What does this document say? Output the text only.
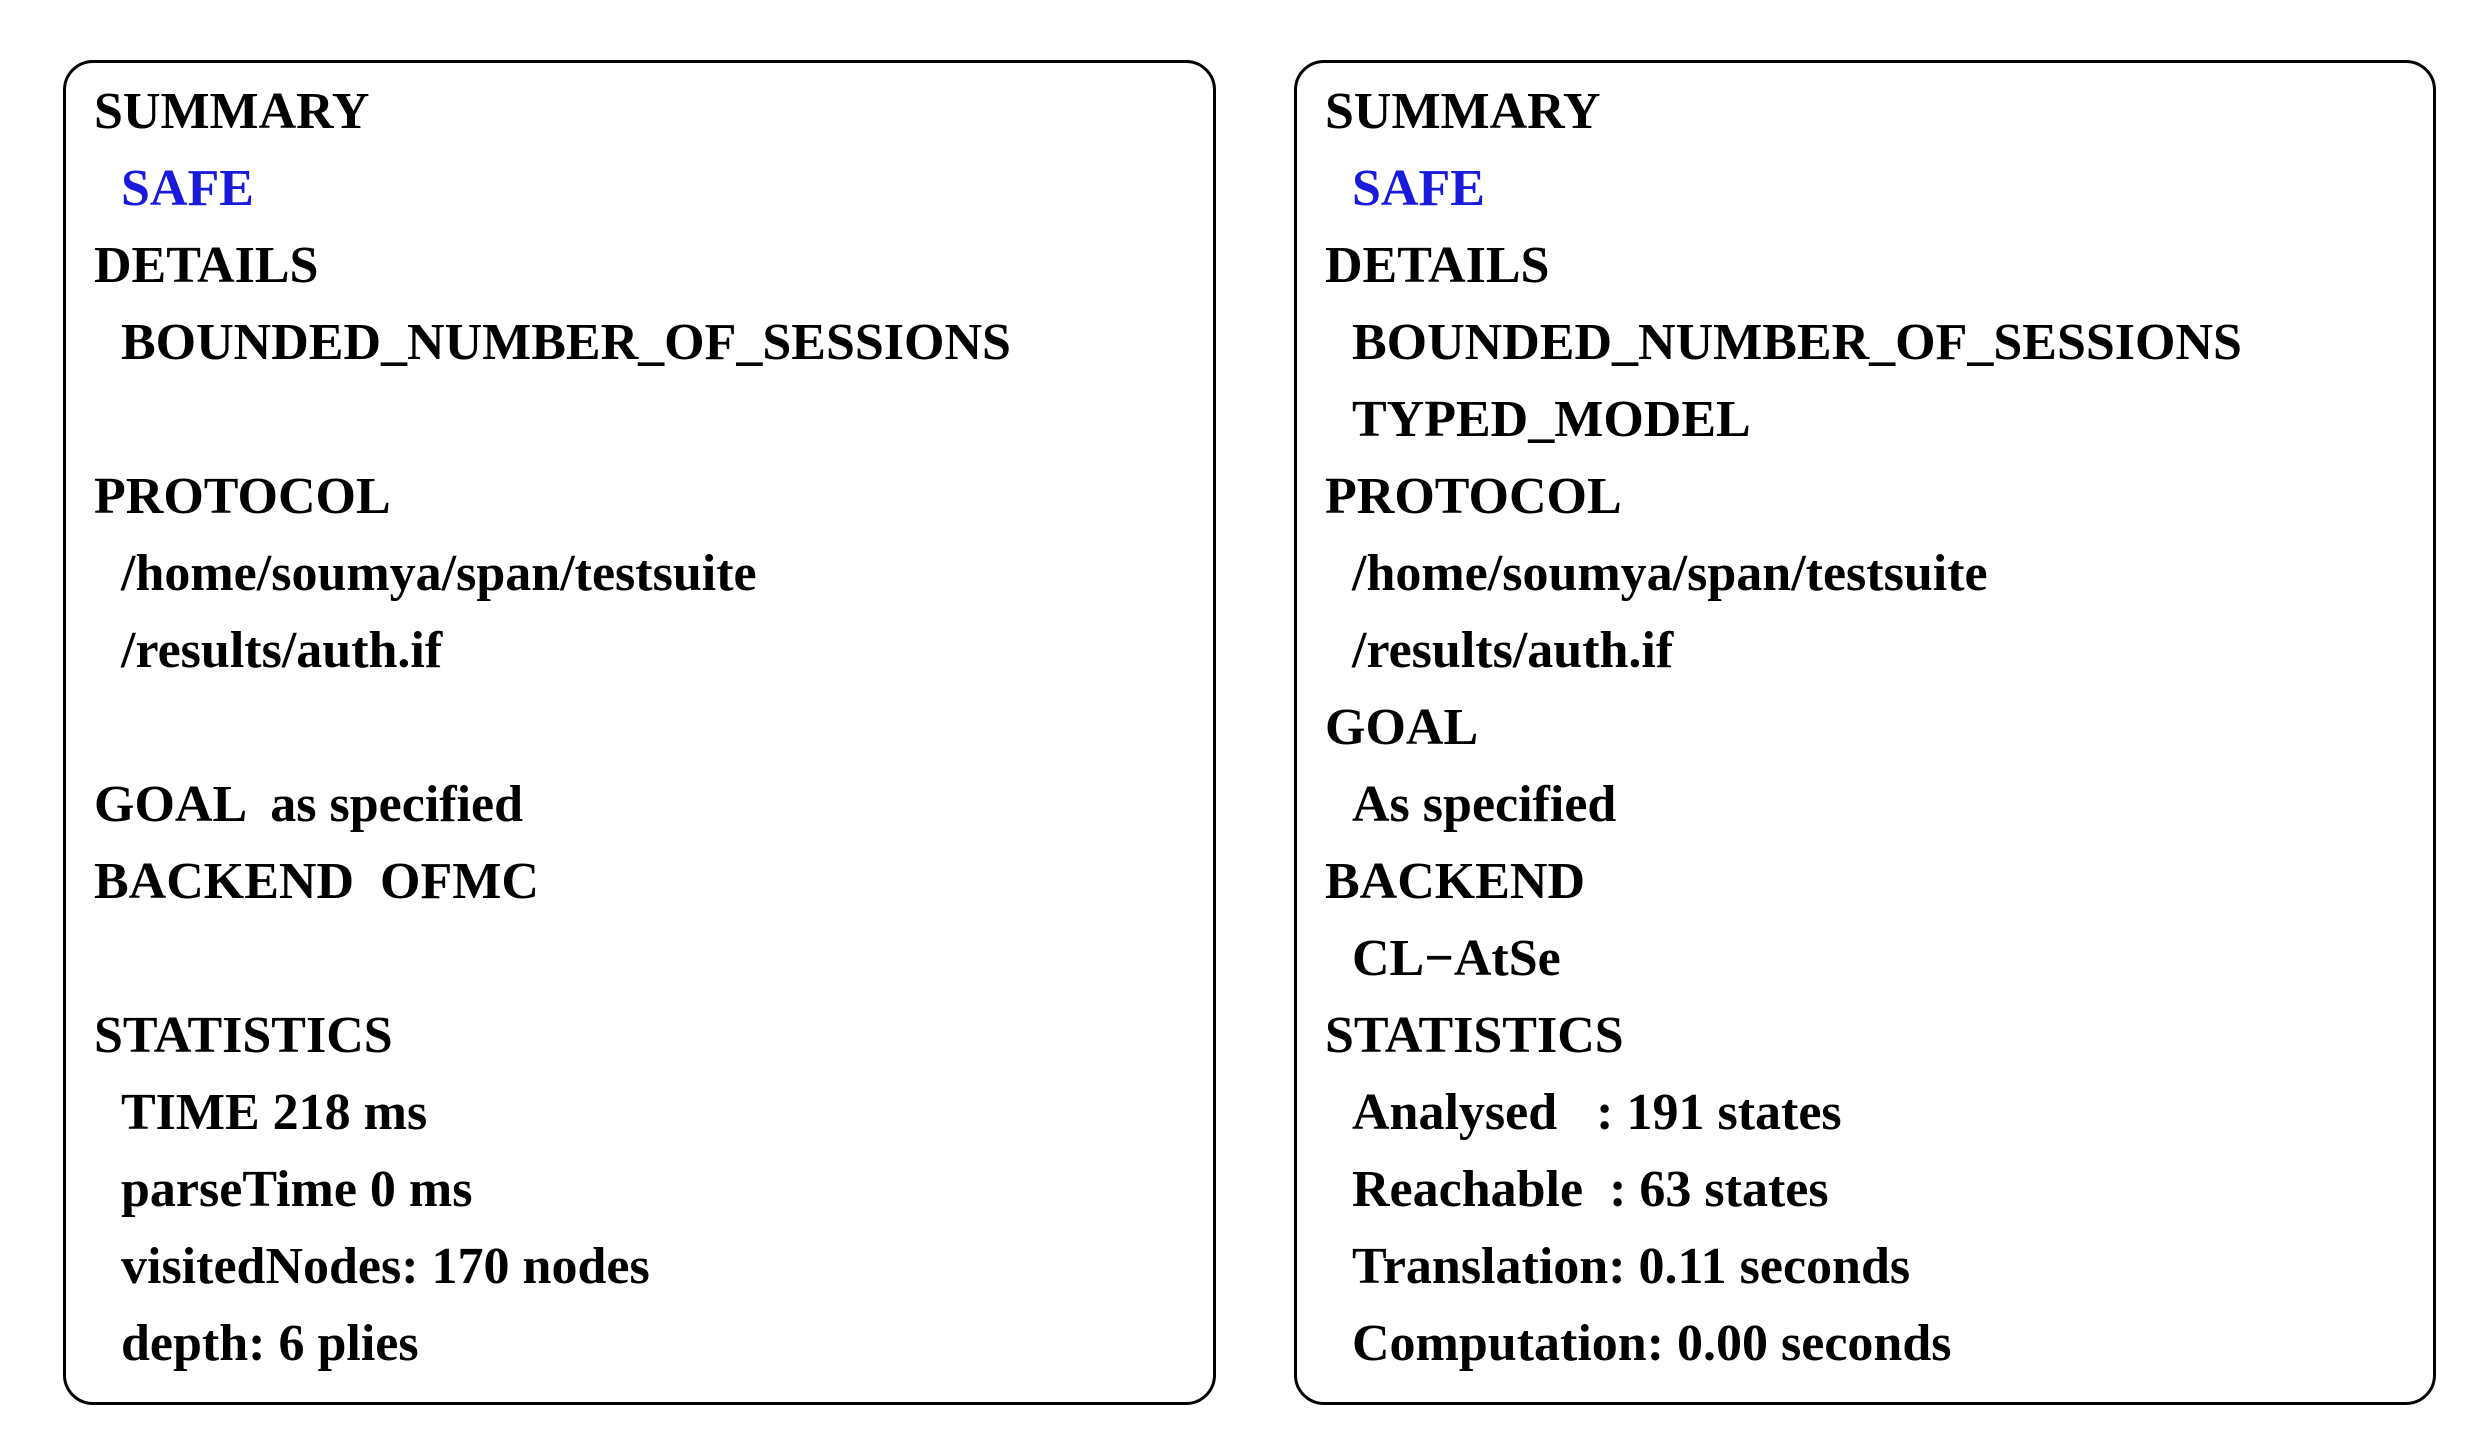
SUMMARY
SAFE
DETAILS
BOUNDED_NUMBER_OF_SESSIONS
PROTOCOL
/home/soumya/span/testsuite
/results/auth.if
GOAL  as specified
BACKEND  OFMC
STATISTICS
TIME 218 ms
parseTime 0 ms
visitedNodes: 170 nodes
depth: 6 plies
SUMMARY
SAFE
DETAILS
BOUNDED_NUMBER_OF_SESSIONS
TYPED_MODEL
PROTOCOL
/home/soumya/span/testsuite
/results/auth.if
GOAL
As specified
BACKEND
CL−AtSe
STATISTICS
Analysed   : 191 states
Reachable  : 63 states
Translation: 0.11 seconds
Computation: 0.00 seconds
